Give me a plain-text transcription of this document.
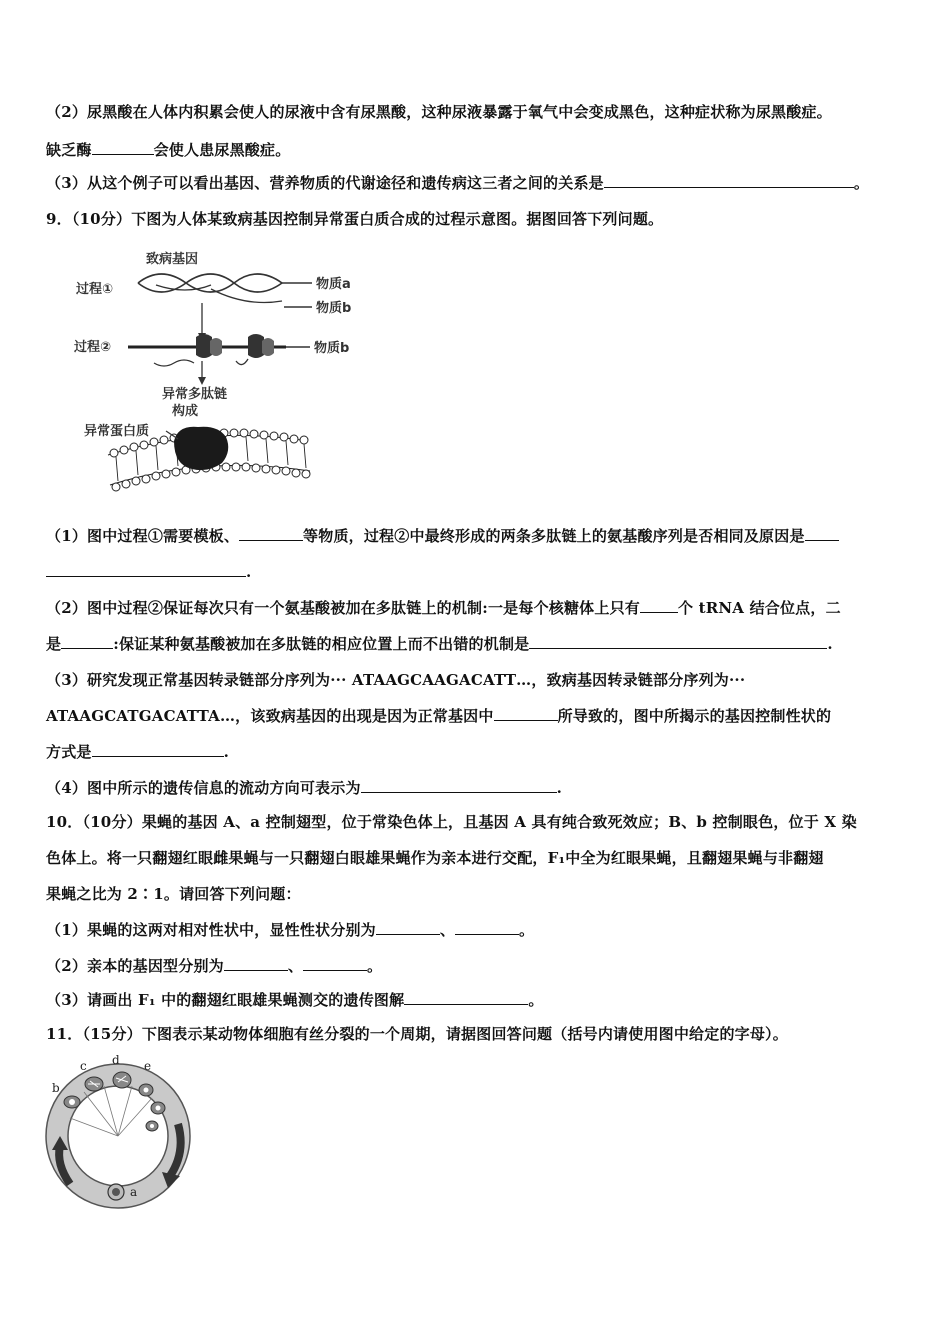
（2）尿黑酸在人体内积累会使人的尿液中含有尿黑酸，这种尿液暴露于氧气中会变成黑色，这种症状称为尿黑酸症。
缺乏酶	会使人患尿黑酸症。
（3）从这个例子可以看出基因、营养物质的代谢途径和遗传病这三者之间的关系是	。
9．（10分）下图为人体某致病基因控制异常蛋白质合成的过程示意图。据图回答下列问题。
致病基因
过程①	物质a
物质b
过程②	物质b
异常多肽链
构成
异常蛋白质
（1）图中过程①需要模板、	等物质，过程②中最终形成的两条多肽链上的氨基酸序列是否相同及原因是
.
（2）图中过程②保证每次只有一个氨基酸被加在多肽链上的机制:一是每个核糖体上只有	个 tRNA 结合位点，二
是	:保证某种氨基酸被加在多肽链的相应位置上而不出错的机制是	.
（3）研究发现正常基因转录链部分序列为··· ATAAGCAAGACATT…，致病基因转录链部分序列为···
ATAAGCATGACATTA…，该致病基因的出现是因为正常基因中	所导致的，图中所揭示的基因控制性状的
方式是	.
（4）图中所示的遗传信息的流动方向可表示为	.
10．（10分）果蝇的基因 A、a 控制翅型，位于常染色体上，且基因 A 具有纯合致死效应；B、b 控制眼色，位于 X 染
色体上。将一只翻翅红眼雌果蝇与一只翻翅白眼雄果蝇作为亲本进行交配，F₁中全为红眼果蝇，且翻翅果蝇与非翻翅
果蝇之比为 2∶1。请回答下列问题：
（1）果蝇的这两对相对性状中，显性性状分别为	、	。
（2）亲本的基因型分别为	、	。
（3）请画出 F₁ 中的翻翅红眼雄果蝇测交的遗传图解	。
11．（15分）下图表示某动物体细胞有丝分裂的一个周期，请据图回答问题（括号内请使用图中给定的字母）。
a
b
c d e
